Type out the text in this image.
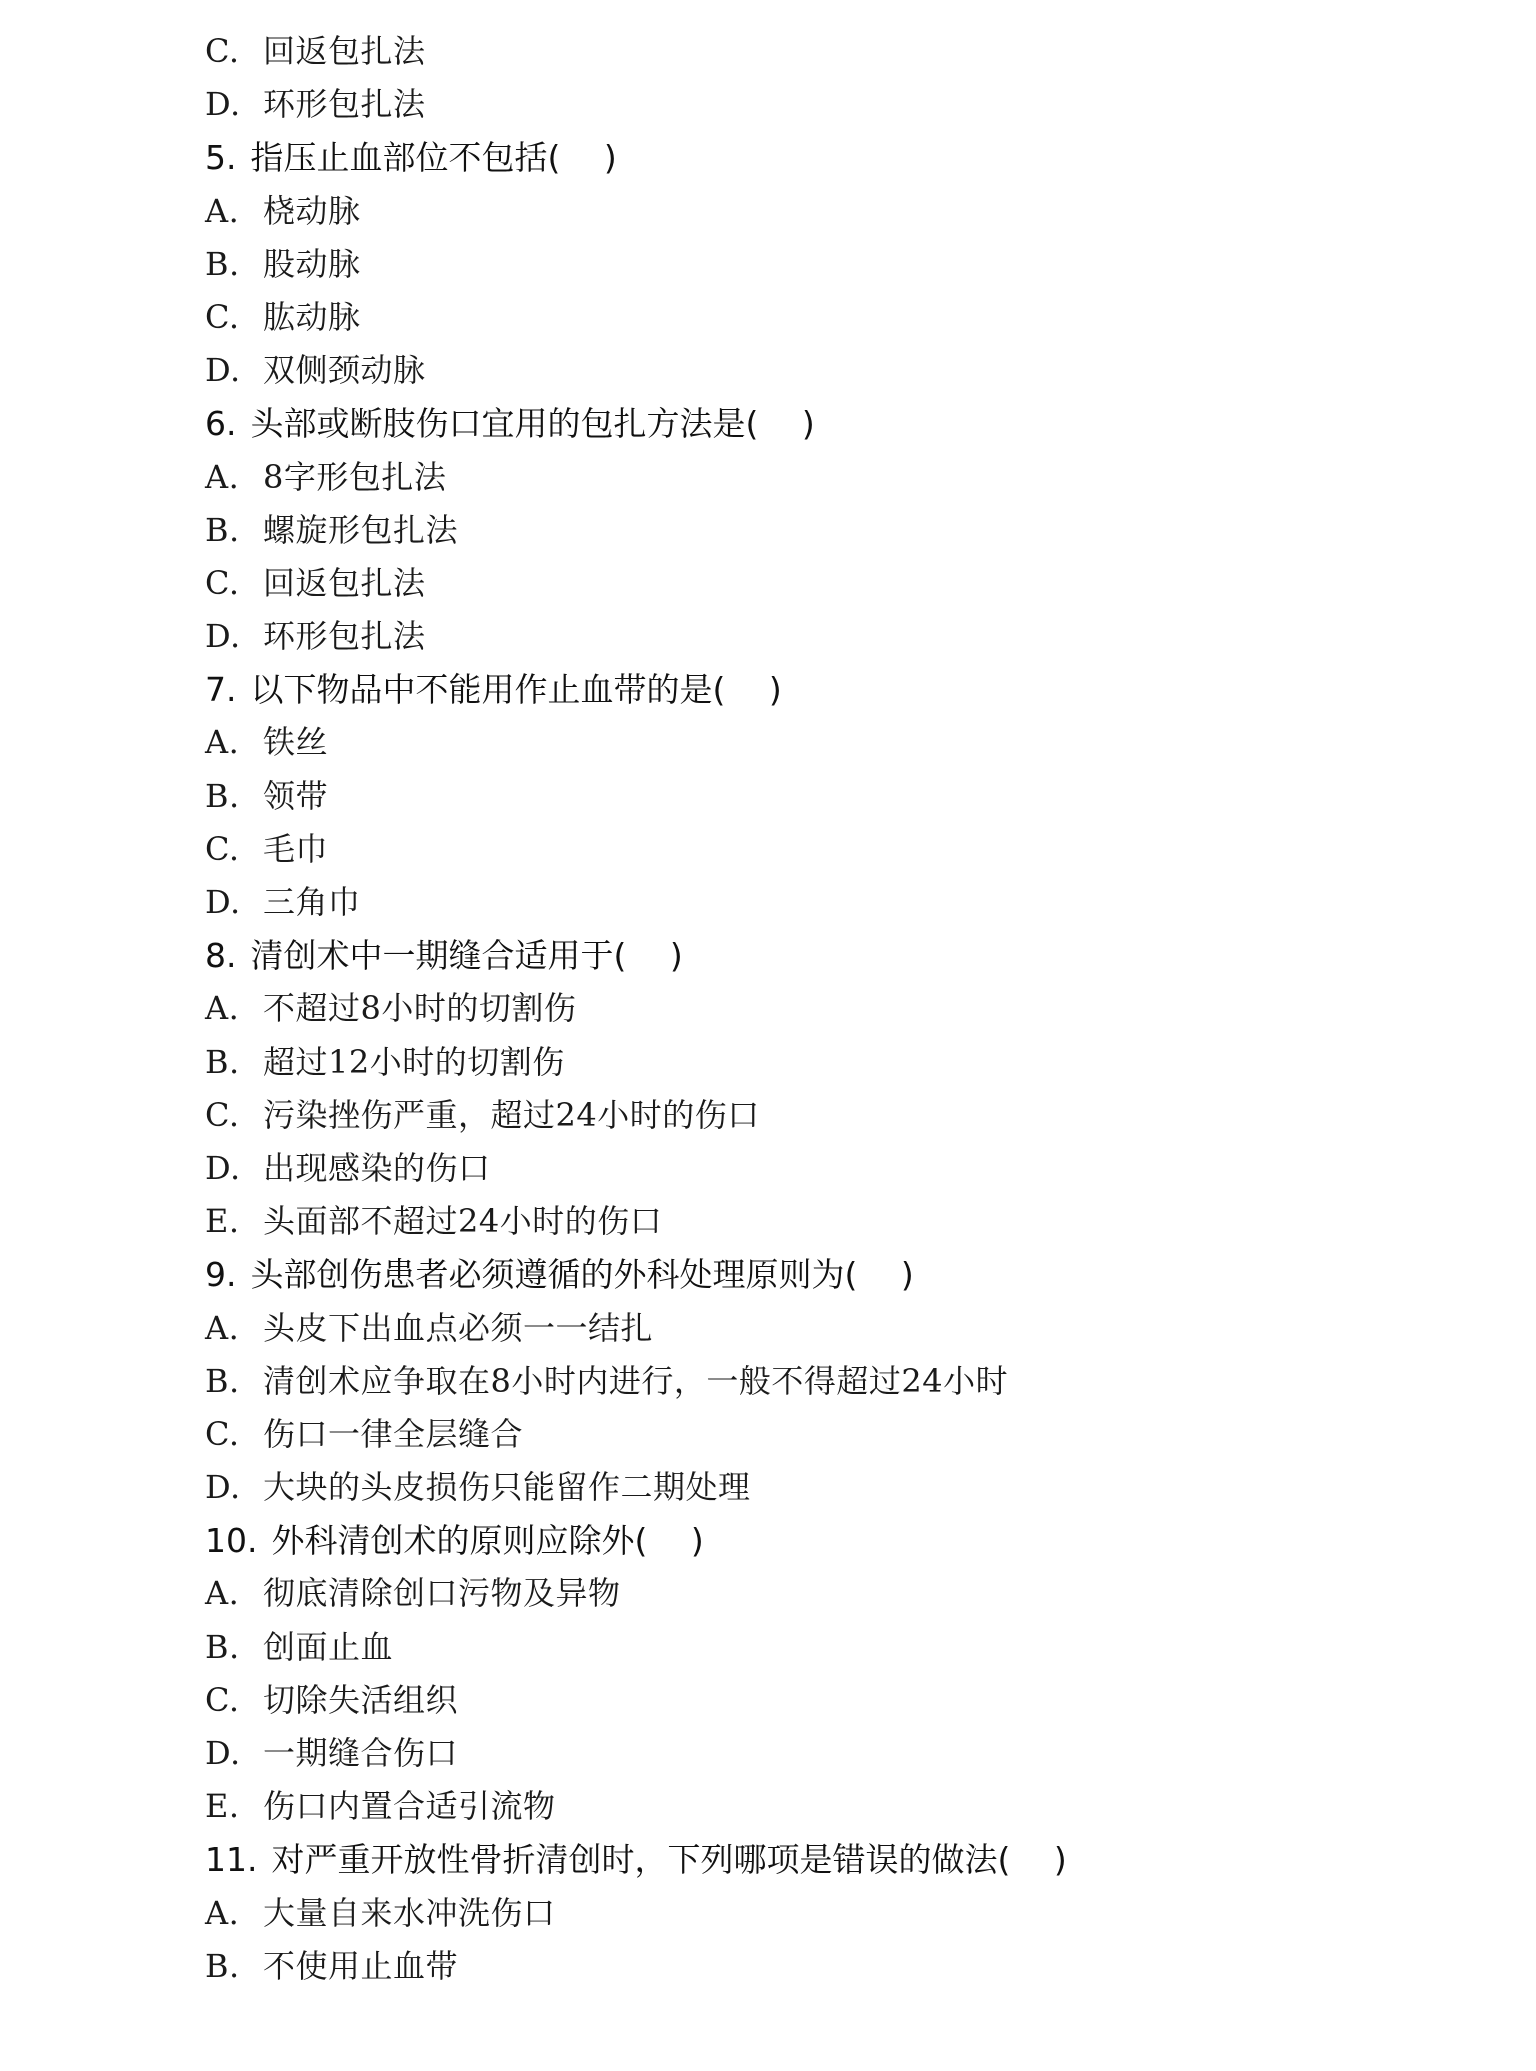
C. 回返包扎法
D. 环形包扎法
5. 指压止血部位不包括(　 )
A. 桡动脉
B. 股动脉
C. 肱动脉
D. 双侧颈动脉
6. 头部或断肢伤口宜用的包扎方法是(　 )
A. 8字形包扎法
B. 螺旋形包扎法
C. 回返包扎法
D. 环形包扎法
7. 以下物品中不能用作止血带的是(　 )
A. 铁丝
B. 领带
C. 毛巾
D. 三角巾
8. 清创术中一期缝合适用于(　 )
A. 不超过8小时的切割伤
B. 超过12小时的切割伤
C. 污染挫伤严重，超过24小时的伤口
D. 出现感染的伤口
E. 头面部不超过24小时的伤口
9. 头部创伤患者必须遵循的外科处理原则为(　 )
A. 头皮下出血点必须一一结扎
B. 清创术应争取在8小时内进行，一般不得超过24小时
C. 伤口一律全层缝合
D. 大块的头皮损伤只能留作二期处理
10. 外科清创术的原则应除外(　 )
A. 彻底清除创口污物及异物
B. 创面止血
C. 切除失活组织
D. 一期缝合伤口
E. 伤口内置合适引流物
11. 对严重开放性骨折清创时，下列哪项是错误的做法(　 )
A. 大量自来水冲洗伤口
B. 不使用止血带
